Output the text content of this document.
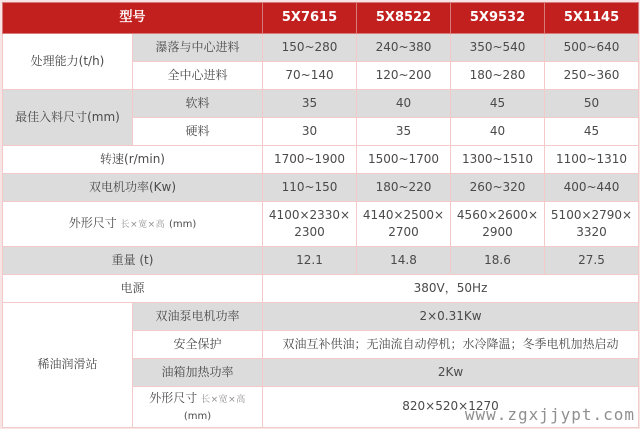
型号		5X7615	5X8522	5X9532	5X1145
处理能力(t/h)	瀑落与中心进料	150~280	240~380	350~540	500~640
	全中心进料	70~140	120~200	180~280	250~360
最佳入料尺寸(mm)	软料	35	40	45	50
	硬料	30	35	40	45
转速(r/min)		1700~1900	1500~1700	1300~1510	1100~1310
双电机功率(Kw)		110~150	180~220	260~320	400~440
外形尺寸 长×宽×高 (mm)		4100×2330×2300	4140×2500×2700	4560×2600×2900	5100×2790×3320
重量 (t)		12.1	14.8	18.6	27.5
电源		380V，50Hz			
稀油润滑站	双油泵电机功率	2×0.31Kw			
	安全保护	双油互补供油；无油流自动停机；水冷降温；冬季电机加热启动			
	油箱加热功率	2Kw			
	外形尺寸 长×宽×高 (mm)	820×520×1270			
www.zgxjjypt.com
